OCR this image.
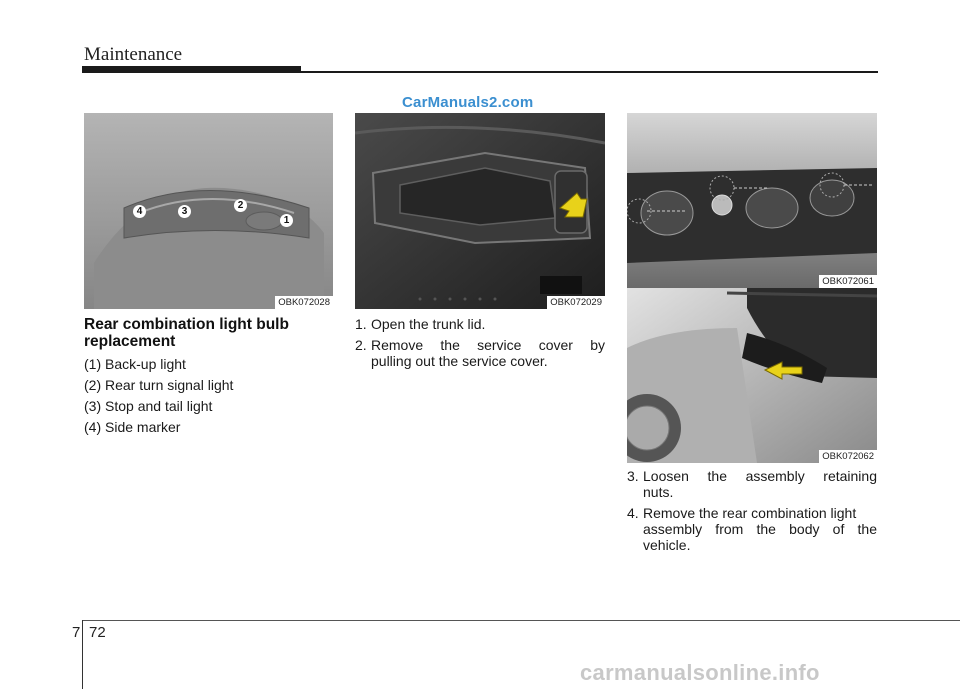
Maintenance
CarManuals2.com
4	3
2
1
OBK072028	OBK072029
OBK072061
OBK072062
Rear combination light bulb replacement
(1) Back-up light
(2) Rear turn signal light
(3) Stop and tail light
(4) Side marker
1. Open the trunk lid.
2. Remove the service cover by
pulling out the service cover.
3. Loosen the assembly retaining
nuts.
4. Remove the rear combination light
assembly from the body of the vehicle.
7 72
carmanualsonline.info
